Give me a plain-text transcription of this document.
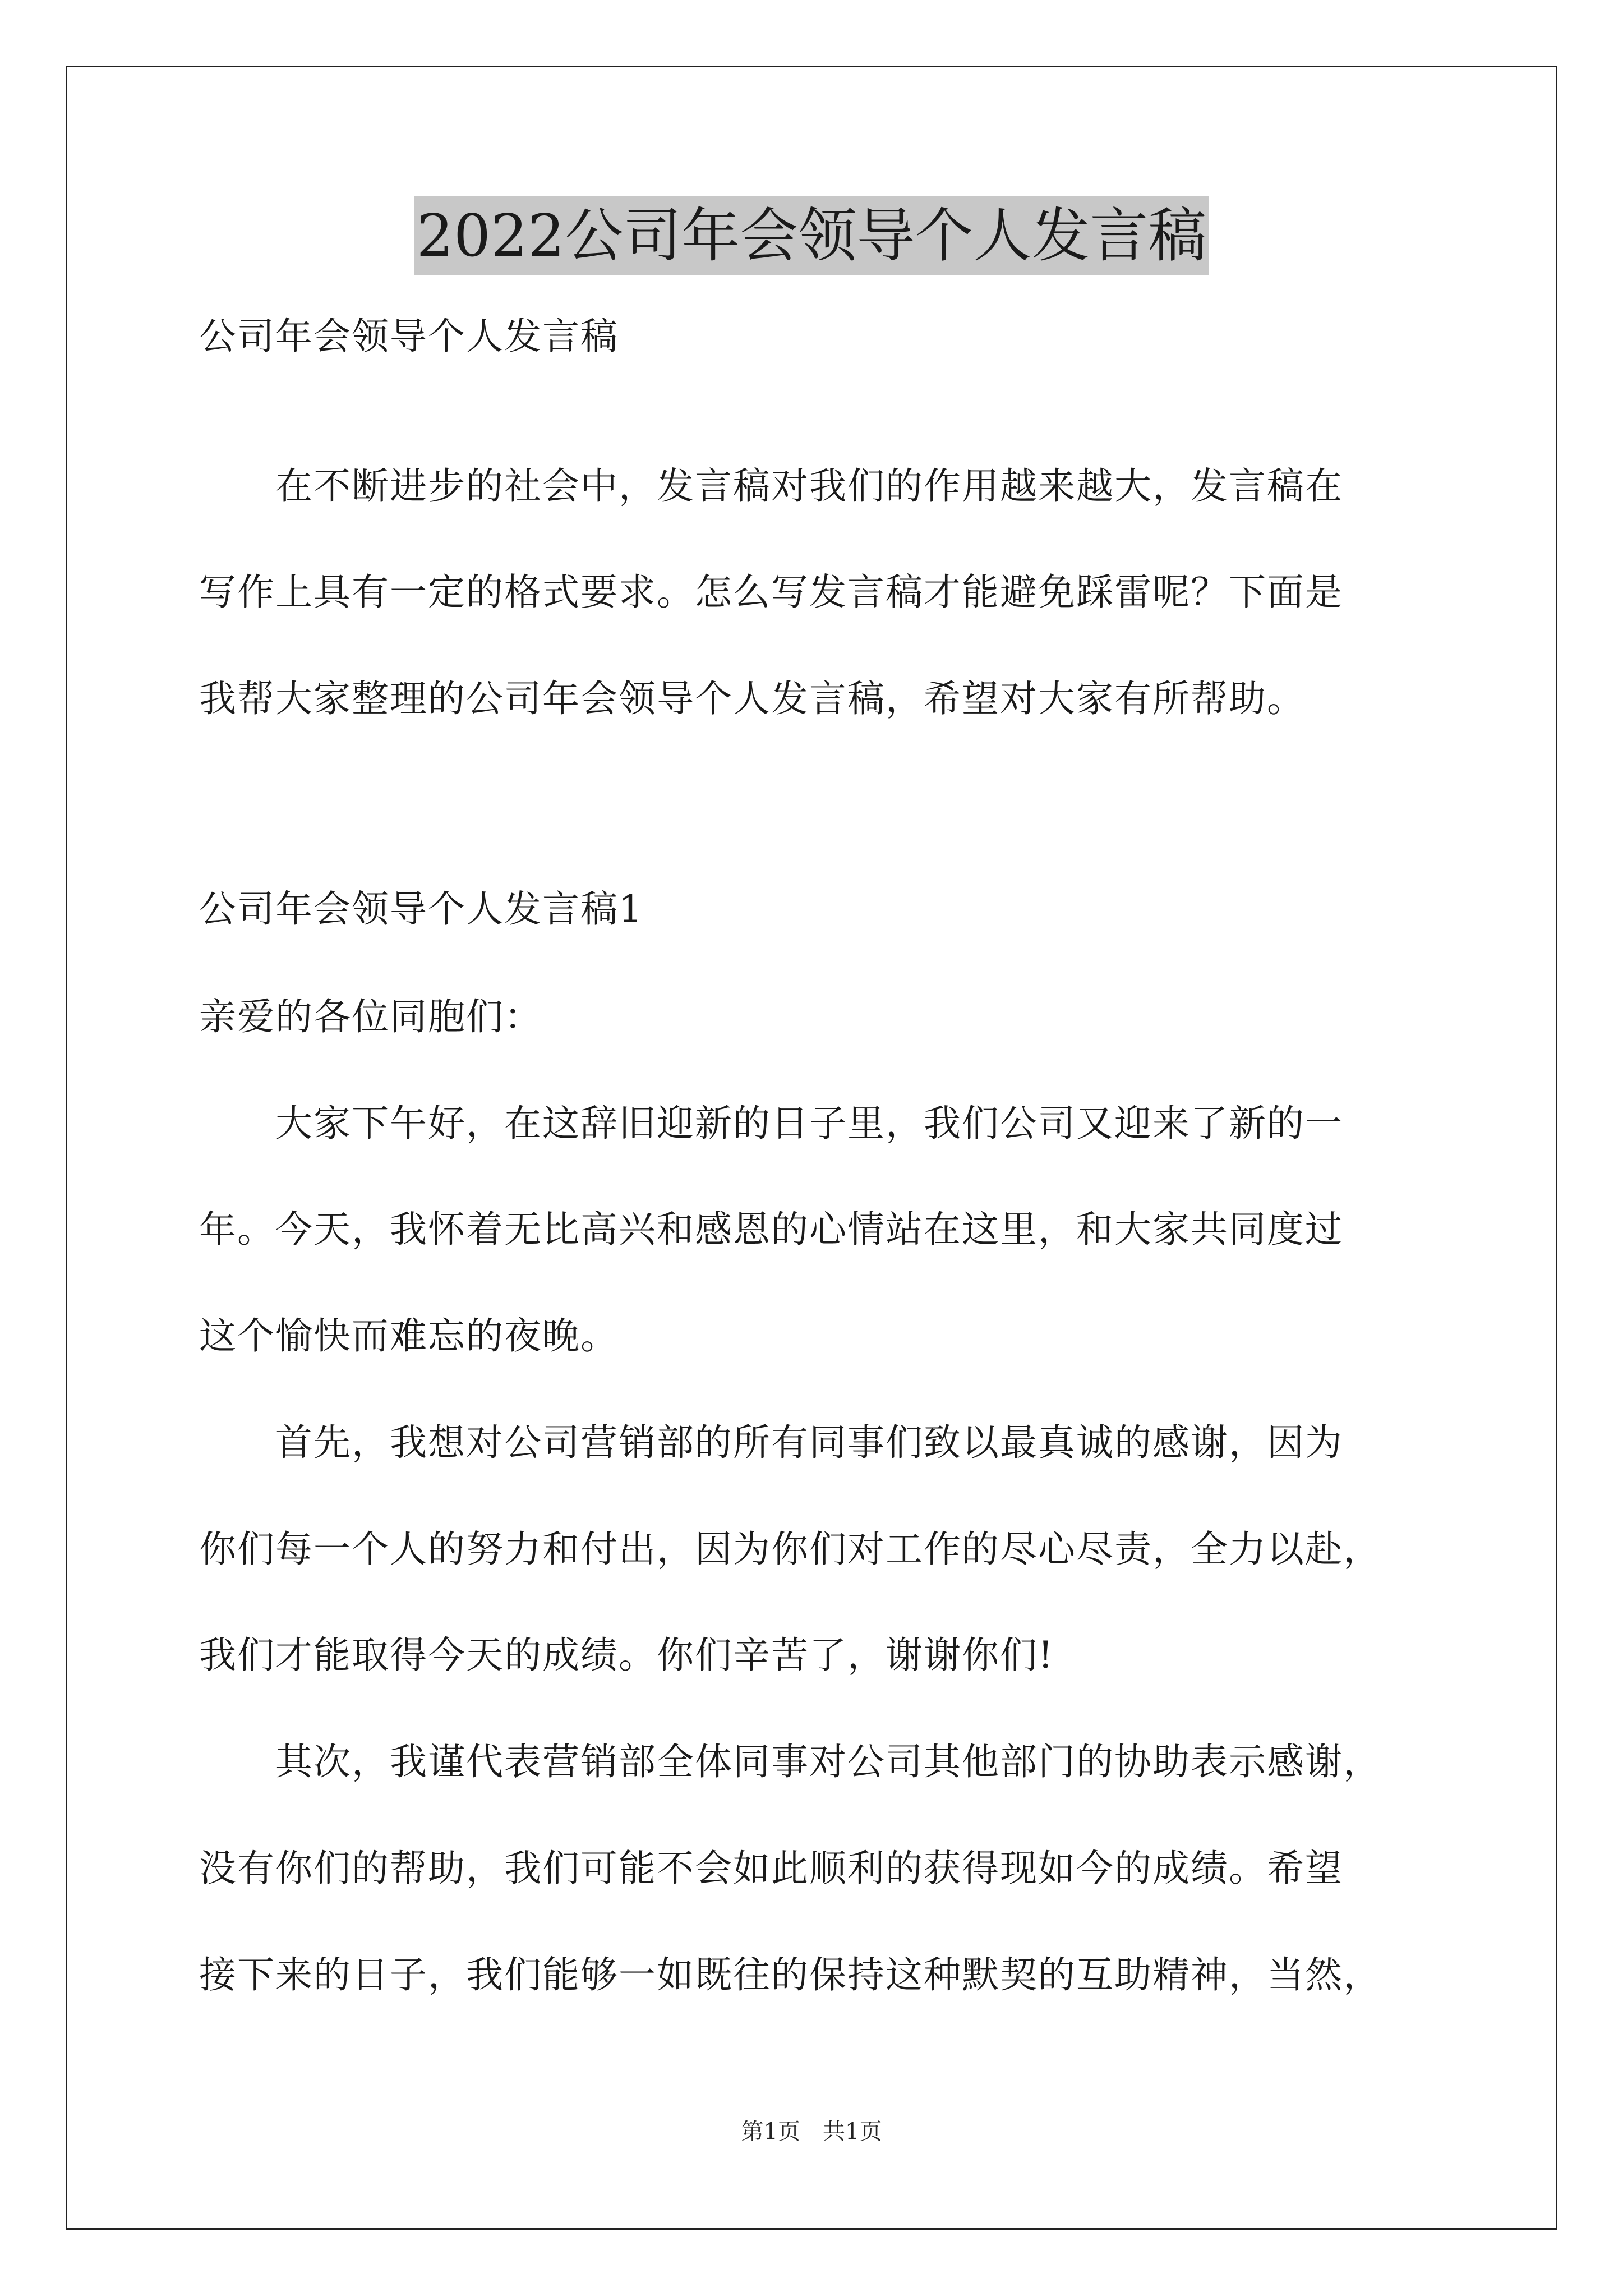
2022公司年会领导个人发言稿
公司年会领导个人发言稿
　　在不断进步的社会中，发言稿对我们的作用越来越大，发言稿在
写作上具有一定的格式要求。怎么写发言稿才能避免踩雷呢？下面是
我帮大家整理的公司年会领导个人发言稿，希望对大家有所帮助。
公司年会领导个人发言稿1
亲爱的各位同胞们：
　　大家下午好，在这辞旧迎新的日子里，我们公司又迎来了新的一
年。今天，我怀着无比高兴和感恩的心情站在这里，和大家共同度过
这个愉快而难忘的夜晚。
　　首先，我想对公司营销部的所有同事们致以最真诚的感谢，因为
你们每一个人的努力和付出，因为你们对工作的尽心尽责，全力以赴，
我们才能取得今天的成绩。你们辛苦了，谢谢你们!
　　其次，我谨代表营销部全体同事对公司其他部门的协助表示感谢，
没有你们的帮助，我们可能不会如此顺利的获得现如今的成绩。希望
接下来的日子，我们能够一如既往的保持这种默契的互助精神，当然，
第1页　共1页
